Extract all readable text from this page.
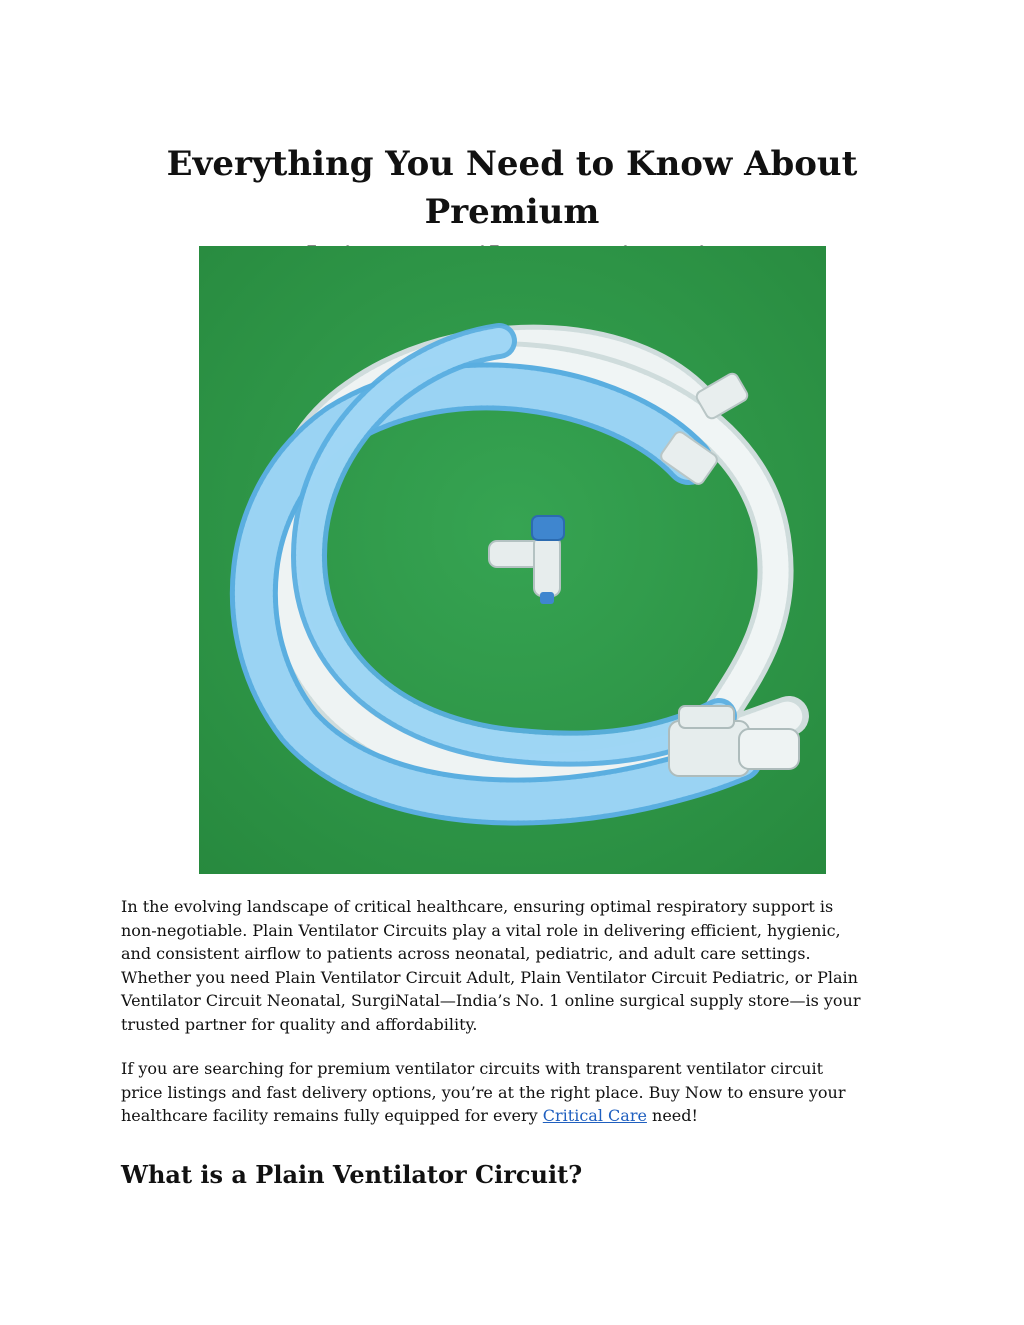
Everything You Need to Know About Premium

In the evolving landscape of critical healthcare, ensuring optimal respiratory support is
non-negotiable. Plain Ventilator Circuits play a vital role in delivering efficient, hygienic,
and consistent airflow to patients across neonatal, pediatric, and adult care settings.
Whether you need Plain Ventilator Circuit Adult, Plain Ventilator Circuit Pediatric, or Plain
Ventilator Circuit Neonatal, SurgiNatal—India’s No. 1 online surgical supply store—is your
trusted partner for quality and affordability.

If you are searching for premium ventilator circuits with transparent ventilator circuit
price listings and fast delivery options, you’re at the right place. Buy Now to ensure your
healthcare facility remains fully equipped for every Critical Care need!

What is a Plain Ventilator Circuit?
